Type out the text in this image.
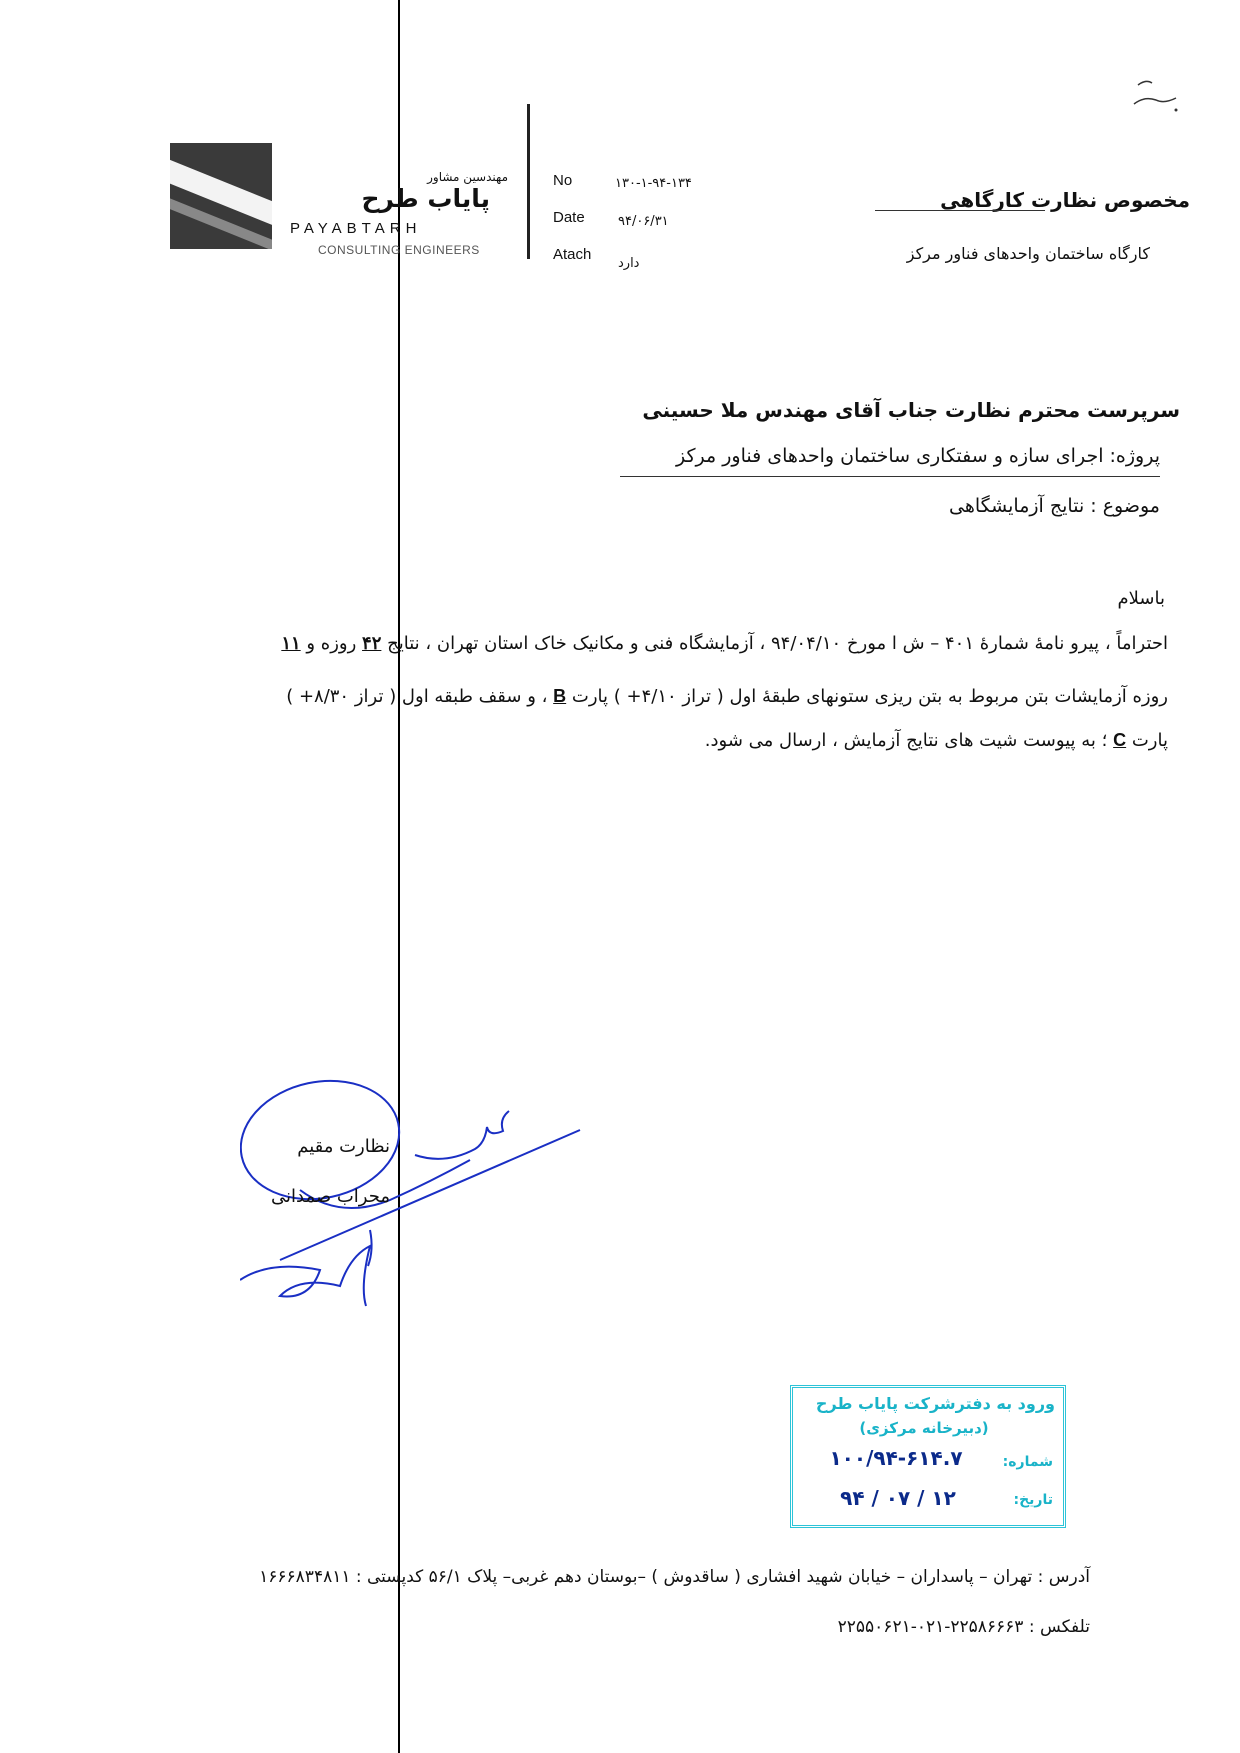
مهندسین مشاور
پایاب طرح
PAYABTARH
CONSULTING ENGINEERS
No	۱۳۰-۱-۹۴-۱۳۴
Date	۹۴/۰۶/۳۱
Atach
دارد
مخصوص نظارت کارگاهی
کارگاه ساختمان واحدهای فناور مرکز
سرپرست محترم نظارت جناب آقای مهندس ملا حسینی
پروژه: اجرای سازه و سفتکاری ساختمان واحدهای فناور مرکز
موضوع : نتایج آزمایشگاهی
باسلام
احتراماً ، پیرو نامهٔ شمارهٔ ۴۰۱ – ش ا مورخ ۹۴/۰۴/۱۰ ، آزمایشگاه فنی و مکانیک خاک استان تهران ، نتایج ۴۲ روزه و ۱۱
روزه آزمایشات بتن مربوط به بتن ریزی ستونهای طبقهٔ اول ( تراز ۴/۱۰+ ) پارت B ، و سقف طبقه اول ( تراز ۸/۳۰+ )
پارت C ؛ به پیوست شیت های نتایج آزمایش ، ارسال می شود.
نظارت مقیم
محراب صمدانی
ورود به دفترشرکت پایاب طرح
(دبیرخانه مرکزی)
شماره:
۱۰۰/۹۴-۶۱۴.۷
تاریخ:
۹۴ / ۰۷ / ۱۲
آدرس : تهران – پاسداران – خیابان شهید افشاری ( ساقدوش ) –بوستان دهم غربی– پلاک ۵۶/۱ کدپستی : ۱۶۶۶۸۳۴۸۱۱
تلفکس : ۲۲۵۸۶۶۶۳-۰۲۱-۲۲۵۵۰۶۲۱
